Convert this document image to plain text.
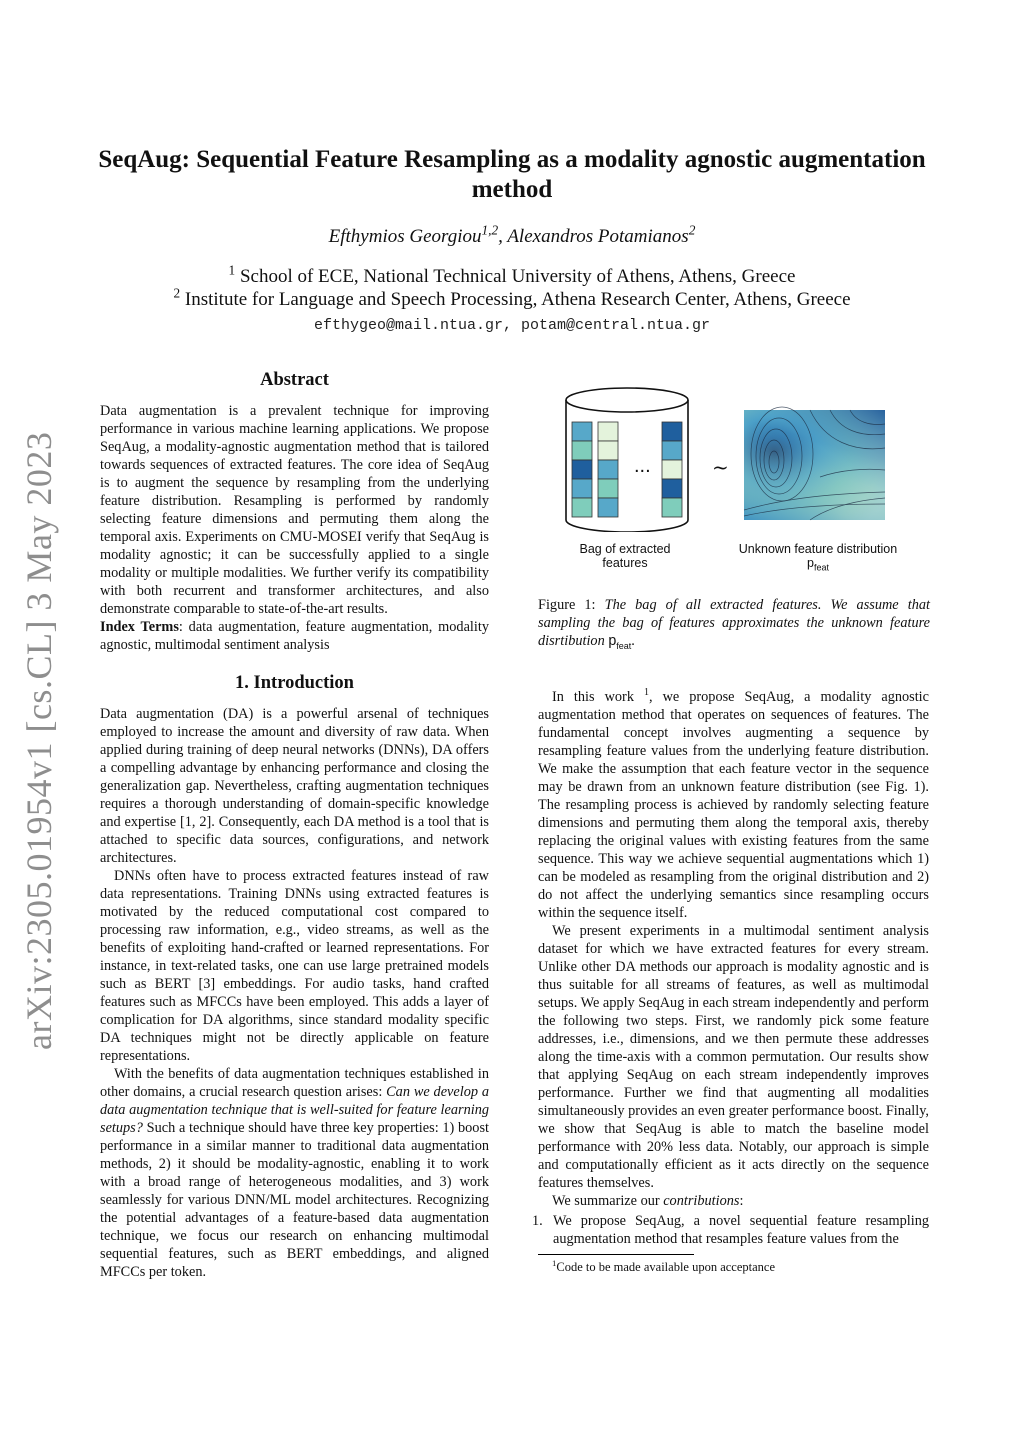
arXiv:2305.01954v1 [cs.CL] 3 May 2023
SeqAug: Sequential Feature Resampling as a modality agnostic augmentation
method
Efthymios Georgiou$^{1,2}$, Alexandros Potamianos$^2$
$^1$ School of ECE, National Technical University of Athens, Athens, Greece
$^2$ Institute for Language and Speech Processing, Athena Research Center, Athens, Greece
efthygeo@mail.ntua.gr, potam@central.ntua.gr
Abstract

Data augmentation is a prevalent technique for improving performance in various machine learning applications. We propose SeqAug, a modality-agnostic augmentation method that is tailored towards sequences of extracted features. The core idea of SeqAug is to augment the sequence by resampling from the underlying feature distribution. Resampling is performed by randomly selecting feature dimensions and permuting them along the temporal axis. Experiments on CMU-MOSEI verify that SeqAug is modality agnostic; it can be successfully applied to a single modality or multiple modalities. We further verify its compatibility with both recurrent and transformer architectures, and also demonstrate comparable to state-of-the-art results.

Index Terms: data augmentation, feature augmentation, modality agnostic, multimodal sentiment analysis

1. Introduction

Data augmentation (DA) is a powerful arsenal of techniques employed to increase the amount and diversity of raw data. When applied during training of deep neural networks (DNNs), DA offers a compelling advantage by enhancing performance and closing the generalization gap. Nevertheless, crafting augmentation techniques requires a thorough understanding of domain-specific knowledge and expertise [1, 2]. Consequently, each DA method is a tool that is attached to specific data sources, configurations, and network architectures.

DNNs often have to process extracted features instead of raw data representations. Training DNNs using extracted features is motivated by the reduced computational cost compared to processing raw information, e.g., video streams, as well as the benefits of exploiting hand-crafted or learned representations. For instance, in text-related tasks, one can use large pretrained models such as BERT [3] embeddings. For audio tasks, hand crafted features such as MFCCs have been employed. This adds a layer of complication for DA algorithms, since standard modality specific DA techniques might not be directly applicable on feature representations.

With the benefits of data augmentation techniques established in other domains, a crucial research question arises: Can we develop a data augmentation technique that is well-suited for feature learning setups? Such a technique should have three key properties: 1) boost performance in a similar manner to traditional data augmentation methods, 2) it should be modality-agnostic, enabling it to work with a broad range of heterogeneous modalities, and 3) work seamlessly for various DNN/ML model architectures. Recognizing the potential advantages of a feature-based data augmentation technique, we focus our research on enhancing multimodal sequential features, such as BERT embeddings, and aligned MFCCs per token.

...	~
Bag of extracted
features
Unknown feature distribution
$p_{feat}$

Figure 1: The bag of all extracted features. We assume that sampling the bag of features approximates the unknown feature disrtibution $p_{feat}$.

In this work $^1$, we propose SeqAug, a modality agnostic augmentation method that operates on sequences of features. The fundamental concept involves augmenting a sequence by resampling feature values from the underlying feature distribution. We make the assumption that each feature vector in the sequence may be drawn from an unknown feature distribution (see Fig. 1). The resampling process is achieved by randomly selecting feature dimensions and permuting them along the temporal axis, thereby replacing the original values with existing features from the same sequence. This way we achieve sequential augmentations which 1) can be modeled as resampling from the original distribution and 2) do not affect the underlying semantics since resampling occurs within the sequence itself.

We present experiments in a multimodal sentiment analysis dataset for which we have extracted features for every stream. Unlike other DA methods our approach is modality agnostic and is thus suitable for all streams of features, as well as multimodal setups. We apply SeqAug in each stream independently and perform the following two steps. First, we randomly pick some feature addresses, i.e., dimensions, and we then permute these addresses along the time-axis with a common permutation. Our results show that applying SeqAug on each stream independently improves performance. Further we find that augmenting all modalities simultaneously provides an even greater performance boost. Finally, we show that SeqAug is able to match the baseline model performance with 20% less data. Notably, our approach is simple and computationally efficient as it acts directly on the sequence features themselves.

We summarize our contributions:

1. We propose SeqAug, a novel sequential feature resampling augmentation method that resamples feature values from the

$^1$Code to be made available upon acceptance
